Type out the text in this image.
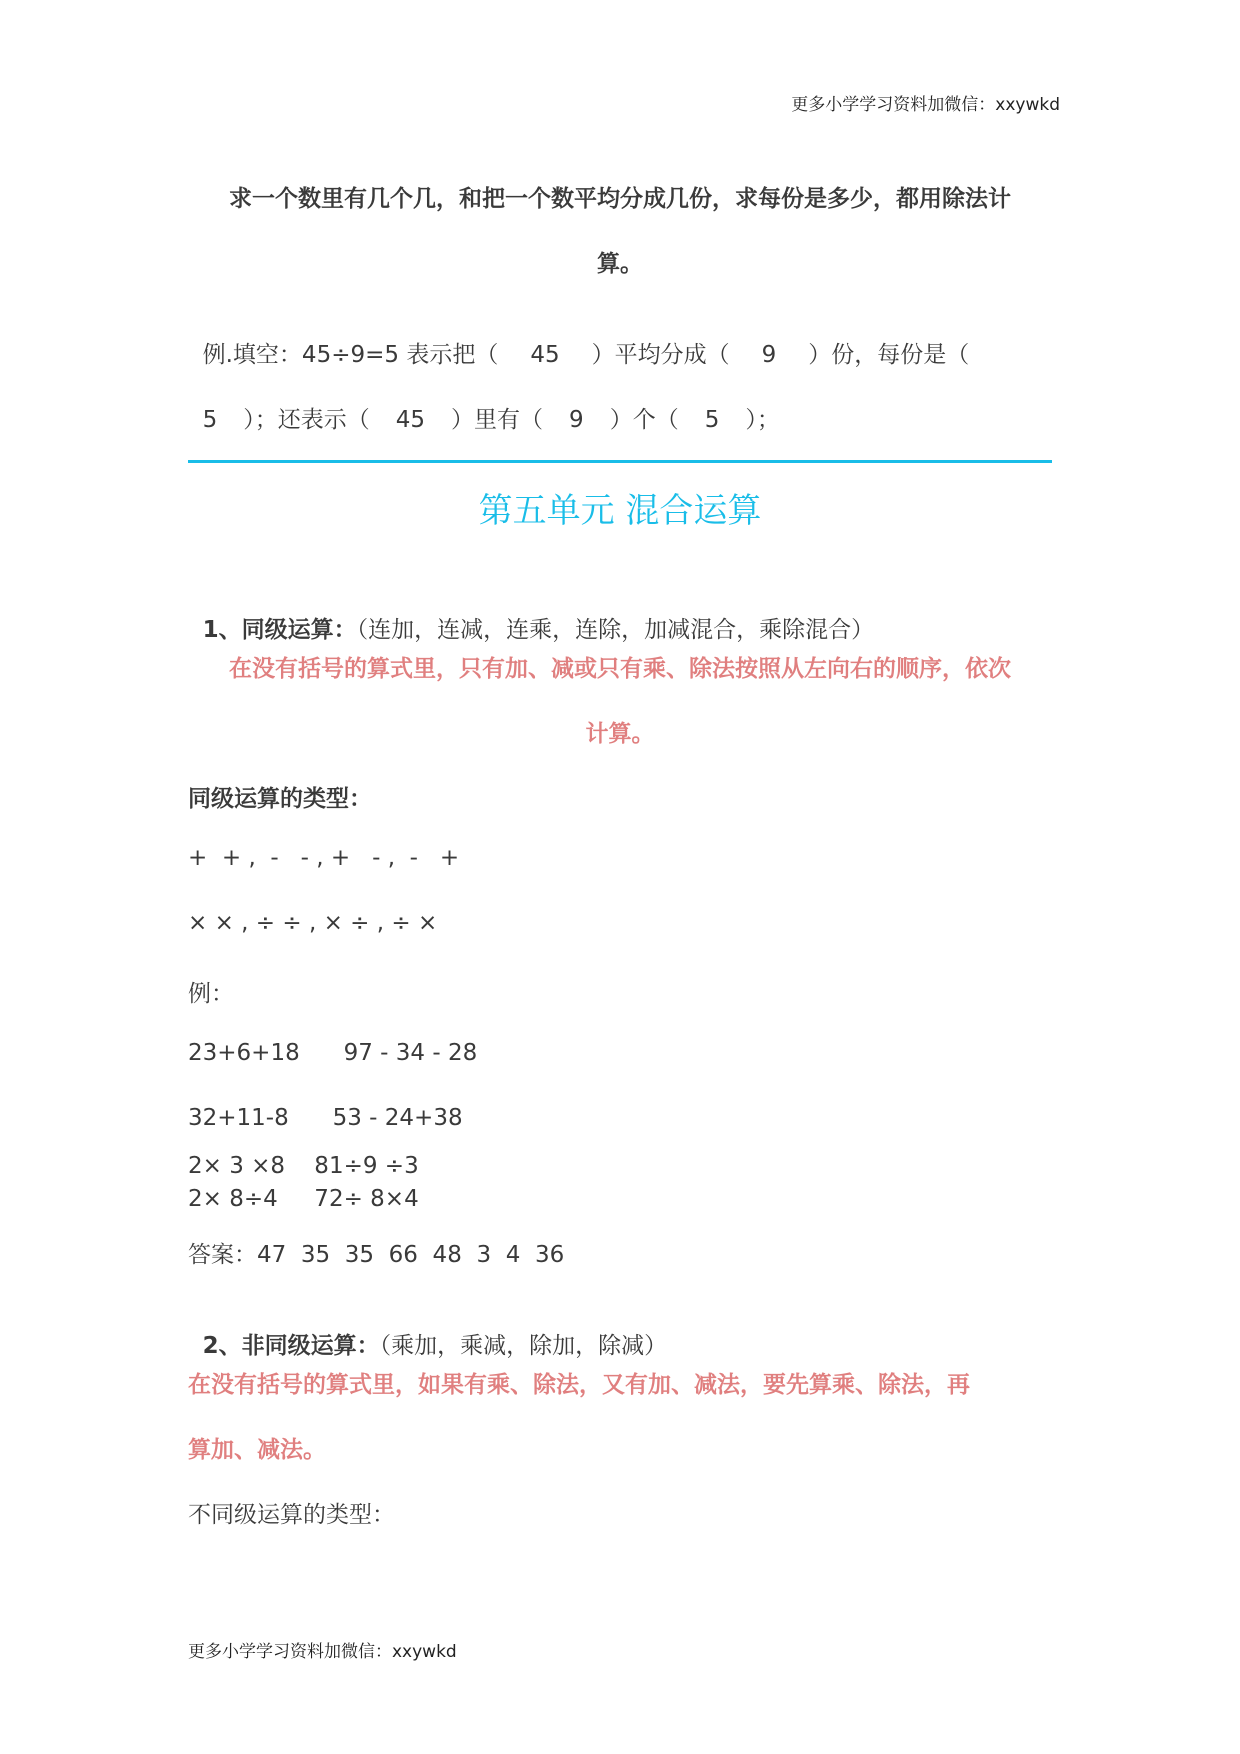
更多小学学习资料加微信：xxywkd
求一个数里有几个几，和把一个数平均分成几份，求每份是多少，都用除法计
算。

例.填空：45÷9=5 表示把（ 45 ）平均分成（ 9 ）份，每份是（

5 ）；还表示（ 45 ）里有（ 9 ）个（ 5 ）；

第五单元 混合运算

1、同级运算：（连加，连减，连乘，连除，加减混合，乘除混合）

在没有括号的算式里，只有加、减或只有乘、除法按照从左向右的顺序，依次
计算。
同级运算的类型：
+  + ,  -   - , +   - ,  -   +
× × , ÷ ÷ , × ÷ , ÷ ×
例：
23+6+18      97 - 34 - 28
32+11-8      53 - 24+38
2× 3 ×8    81÷9 ÷3
2× 8÷4     72÷ 8×4
答案：47  35  35  66  48  3  4  36

2、非同级运算：（乘加，乘减，除加，除减）

在没有括号的算式里，如果有乘、除法，又有加、减法，要先算乘、除法，再
算加、减法。
不同级运算的类型：
更多小学学习资料加微信：xxywkd
